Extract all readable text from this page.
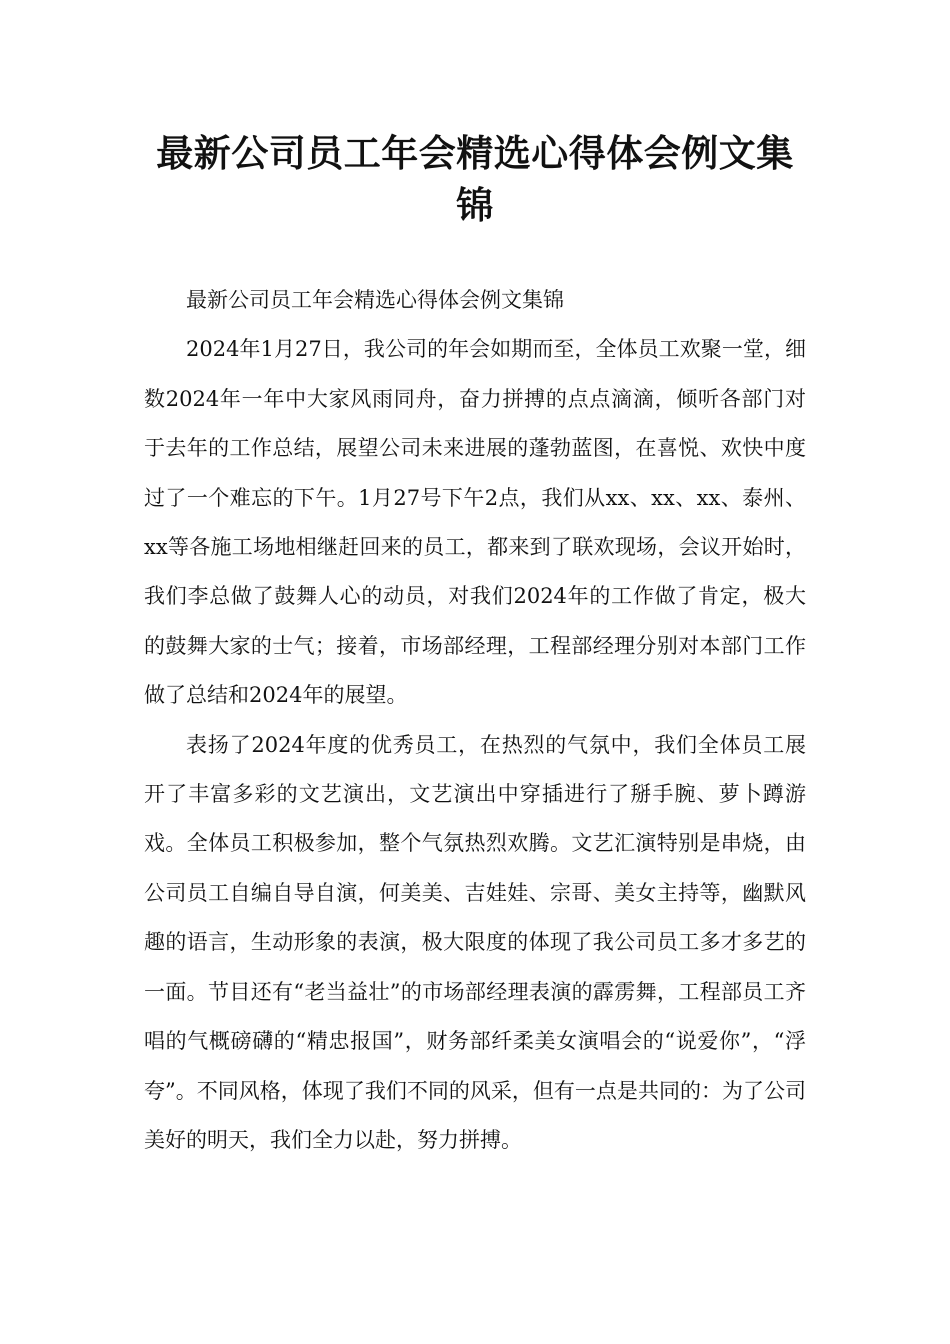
最新公司员工年会精选心得体会例文集锦

最新公司员工年会精选心得体会例文集锦

2024年1月27日，我公司的年会如期而至，全体员工欢聚一堂，细数2024年一年中大家风雨同舟，奋力拼搏的点点滴滴，倾听各部门对于去年的工作总结，展望公司未来进展的蓬勃蓝图，在喜悦、欢快中度过了一个难忘的下午。1月27号下午2点，我们从xx、xx、xx、泰州、xx等各施工场地相继赶回来的员工，都来到了联欢现场，会议开始时，我们李总做了鼓舞人心的动员，对我们2024年的工作做了肯定，极大的鼓舞大家的士气；接着，市场部经理，工程部经理分别对本部门工作做了总结和2024年的展望。

表扬了2024年度的优秀员工，在热烈的气氛中，我们全体员工展开了丰富多彩的文艺演出，文艺演出中穿插进行了掰手腕、萝卜蹲游戏。全体员工积极参加，整个气氛热烈欢腾。文艺汇演特别是串烧，由公司员工自编自导自演，何美美、吉娃娃、宗哥、美女主持等，幽默风趣的语言，生动形象的表演，极大限度的体现了我公司员工多才多艺的一面。节目还有“老当益壮”的市场部经理表演的霹雳舞，工程部员工齐唱的气概磅礴的“精忠报国”，财务部纤柔美女演唱会的“说爱你”，“浮夸”。不同风格，体现了我们不同的风采，但有一点是共同的：为了公司美好的明天，我们全力以赴，努力拼搏。
